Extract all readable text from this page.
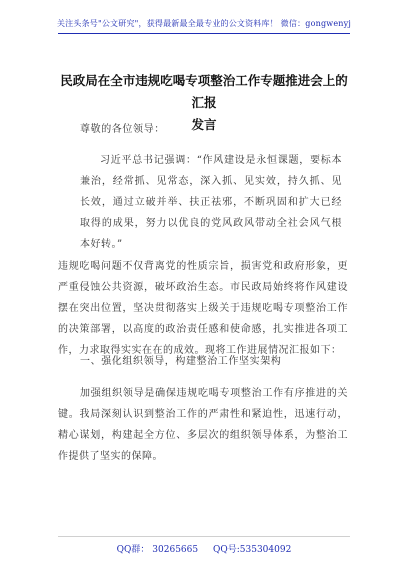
关注头条号"公文研究"，获得最新最全最专业的公文资料库！ 微信：gongwenyj
民政局在全市违规吃喝专项整治工作专题推进会上的汇报
发言
尊敬的各位领导：
习近平总书记强调：“作风建设是永恒课题，要标本兼治，经常抓、见常态，深入抓、见实效，持久抓、见长效，通过立破并举、扶正祛邪，不断巩固和扩大已经取得的成果，努力以优良的党风政风带动全社会风气根本好转。”
违规吃喝问题不仅背离党的性质宗旨，损害党和政府形象，更严重侵蚀公共资源，破坏政治生态。市民政局始终将作风建设摆在突出位置，坚决贯彻落实上级关于违规吃喝专项整治工作的决策部署，以高度的政治责任感和使命感，扎实推进各项工作，力求取得实实在在的成效。现将工作进展情况汇报如下：
一、强化组织领导，构建整治工作坚实架构
加强组织领导是确保违规吃喝专项整治工作有序推进的关键。我局深刻认识到整治工作的严肃性和紧迫性，迅速行动，精心谋划，构建起全方位、多层次的组织领导体系，为整治工作提供了坚实的保障。
QQ群： 30265665 QQ号:535304092
